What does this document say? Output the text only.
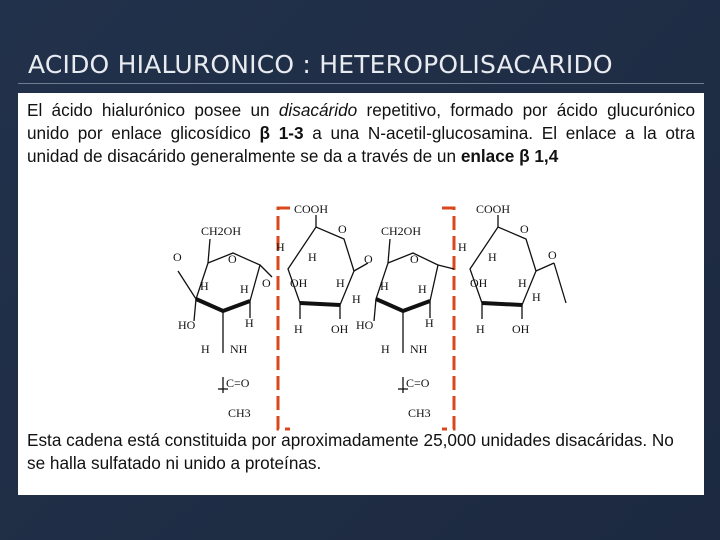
ACIDO HIALURONICO : HETEROPOLISACARIDO
El ácido hialurónico posee un disacárido repetitivo, formado por ácido glucurónico unido por enlace glicosídico β 1-3 a una N-acetil-glucosamina. El enlace a la otra unidad de disacárido generalmente se da a través de un enlace β 1,4
CH2OH
O
O
H	H
HO	H
H NH
C=O
CH3
O
COOH
O
H
H
OH H
H
H OH
O
CH2OH
O
H H
HO	H
H NH
C=O
CH3
COOH
O
H
H
OH	H
H
H OH
O
Esta cadena está constituida por aproximadamente 25,000 unidades disacáridas. No se halla sulfatado ni unido a proteínas.
